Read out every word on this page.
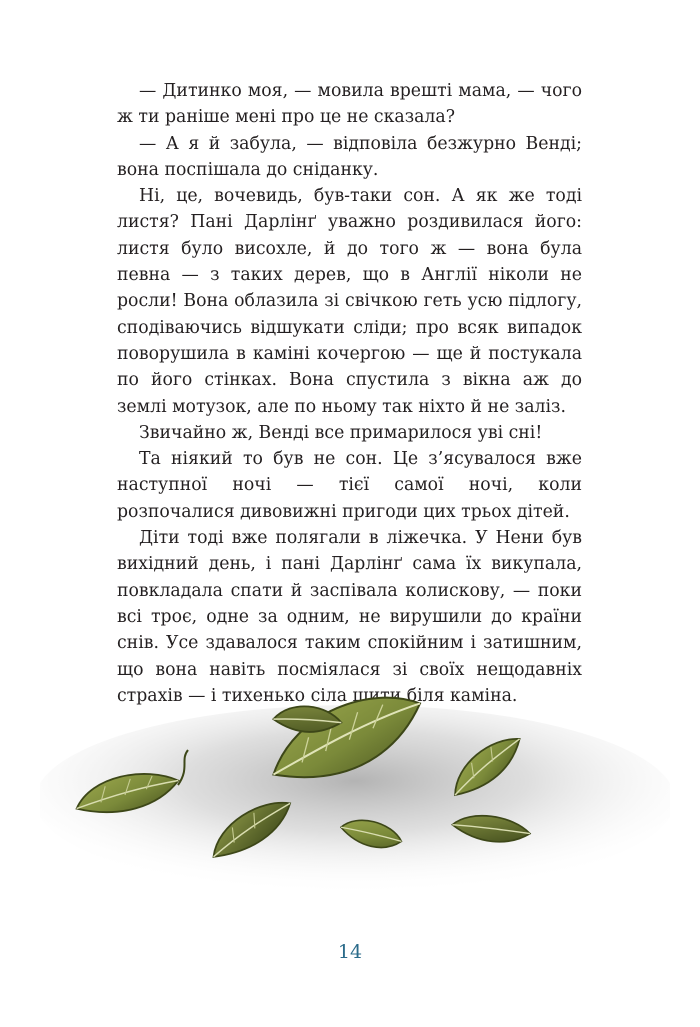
— Дитинко моя, — мовила врешті мама, — чого ж ти раніше мені про це не сказала?

— А я й забула, — відповіла безжурно Венді; вона поспішала до сніданку.

Ні, це, вочевидь, був-таки сон. А як же тоді листя? Пані Дарлінґ уважно роздивилася його: листя було висохле, й до того ж — вона була певна — з таких дерев, що в Англії ніколи не росли! Вона облазила зі свічкою геть усю підлогу, сподіваючись відшукати сліди; про всяк випадок поворушила в каміні кочергою — ще й постукала по його стінках. Вона спустила з вікна аж до землі мотузок, але по ньому так ніхто й не заліз.

Звичайно ж, Венді все примарилося уві сні!

Та ніякий то був не сон. Це з’ясувалося вже наступної ночі — тієї самої ночі, коли розпочалися дивовижні пригоди цих трьох дітей.

Діти тоді вже полягали в ліжечка. У Нени був вихідний день, і пані Дарлінґ сама їх викупала, повкладала спати й заспівала колискову, — поки всі троє, одне за одним, не вирушили до країни снів. Усе здавалося таким спокійним і затишним, що вона навіть посміялася зі своїх нещодавніх страхів — і тихенько сіла шити біля каміна.

14
